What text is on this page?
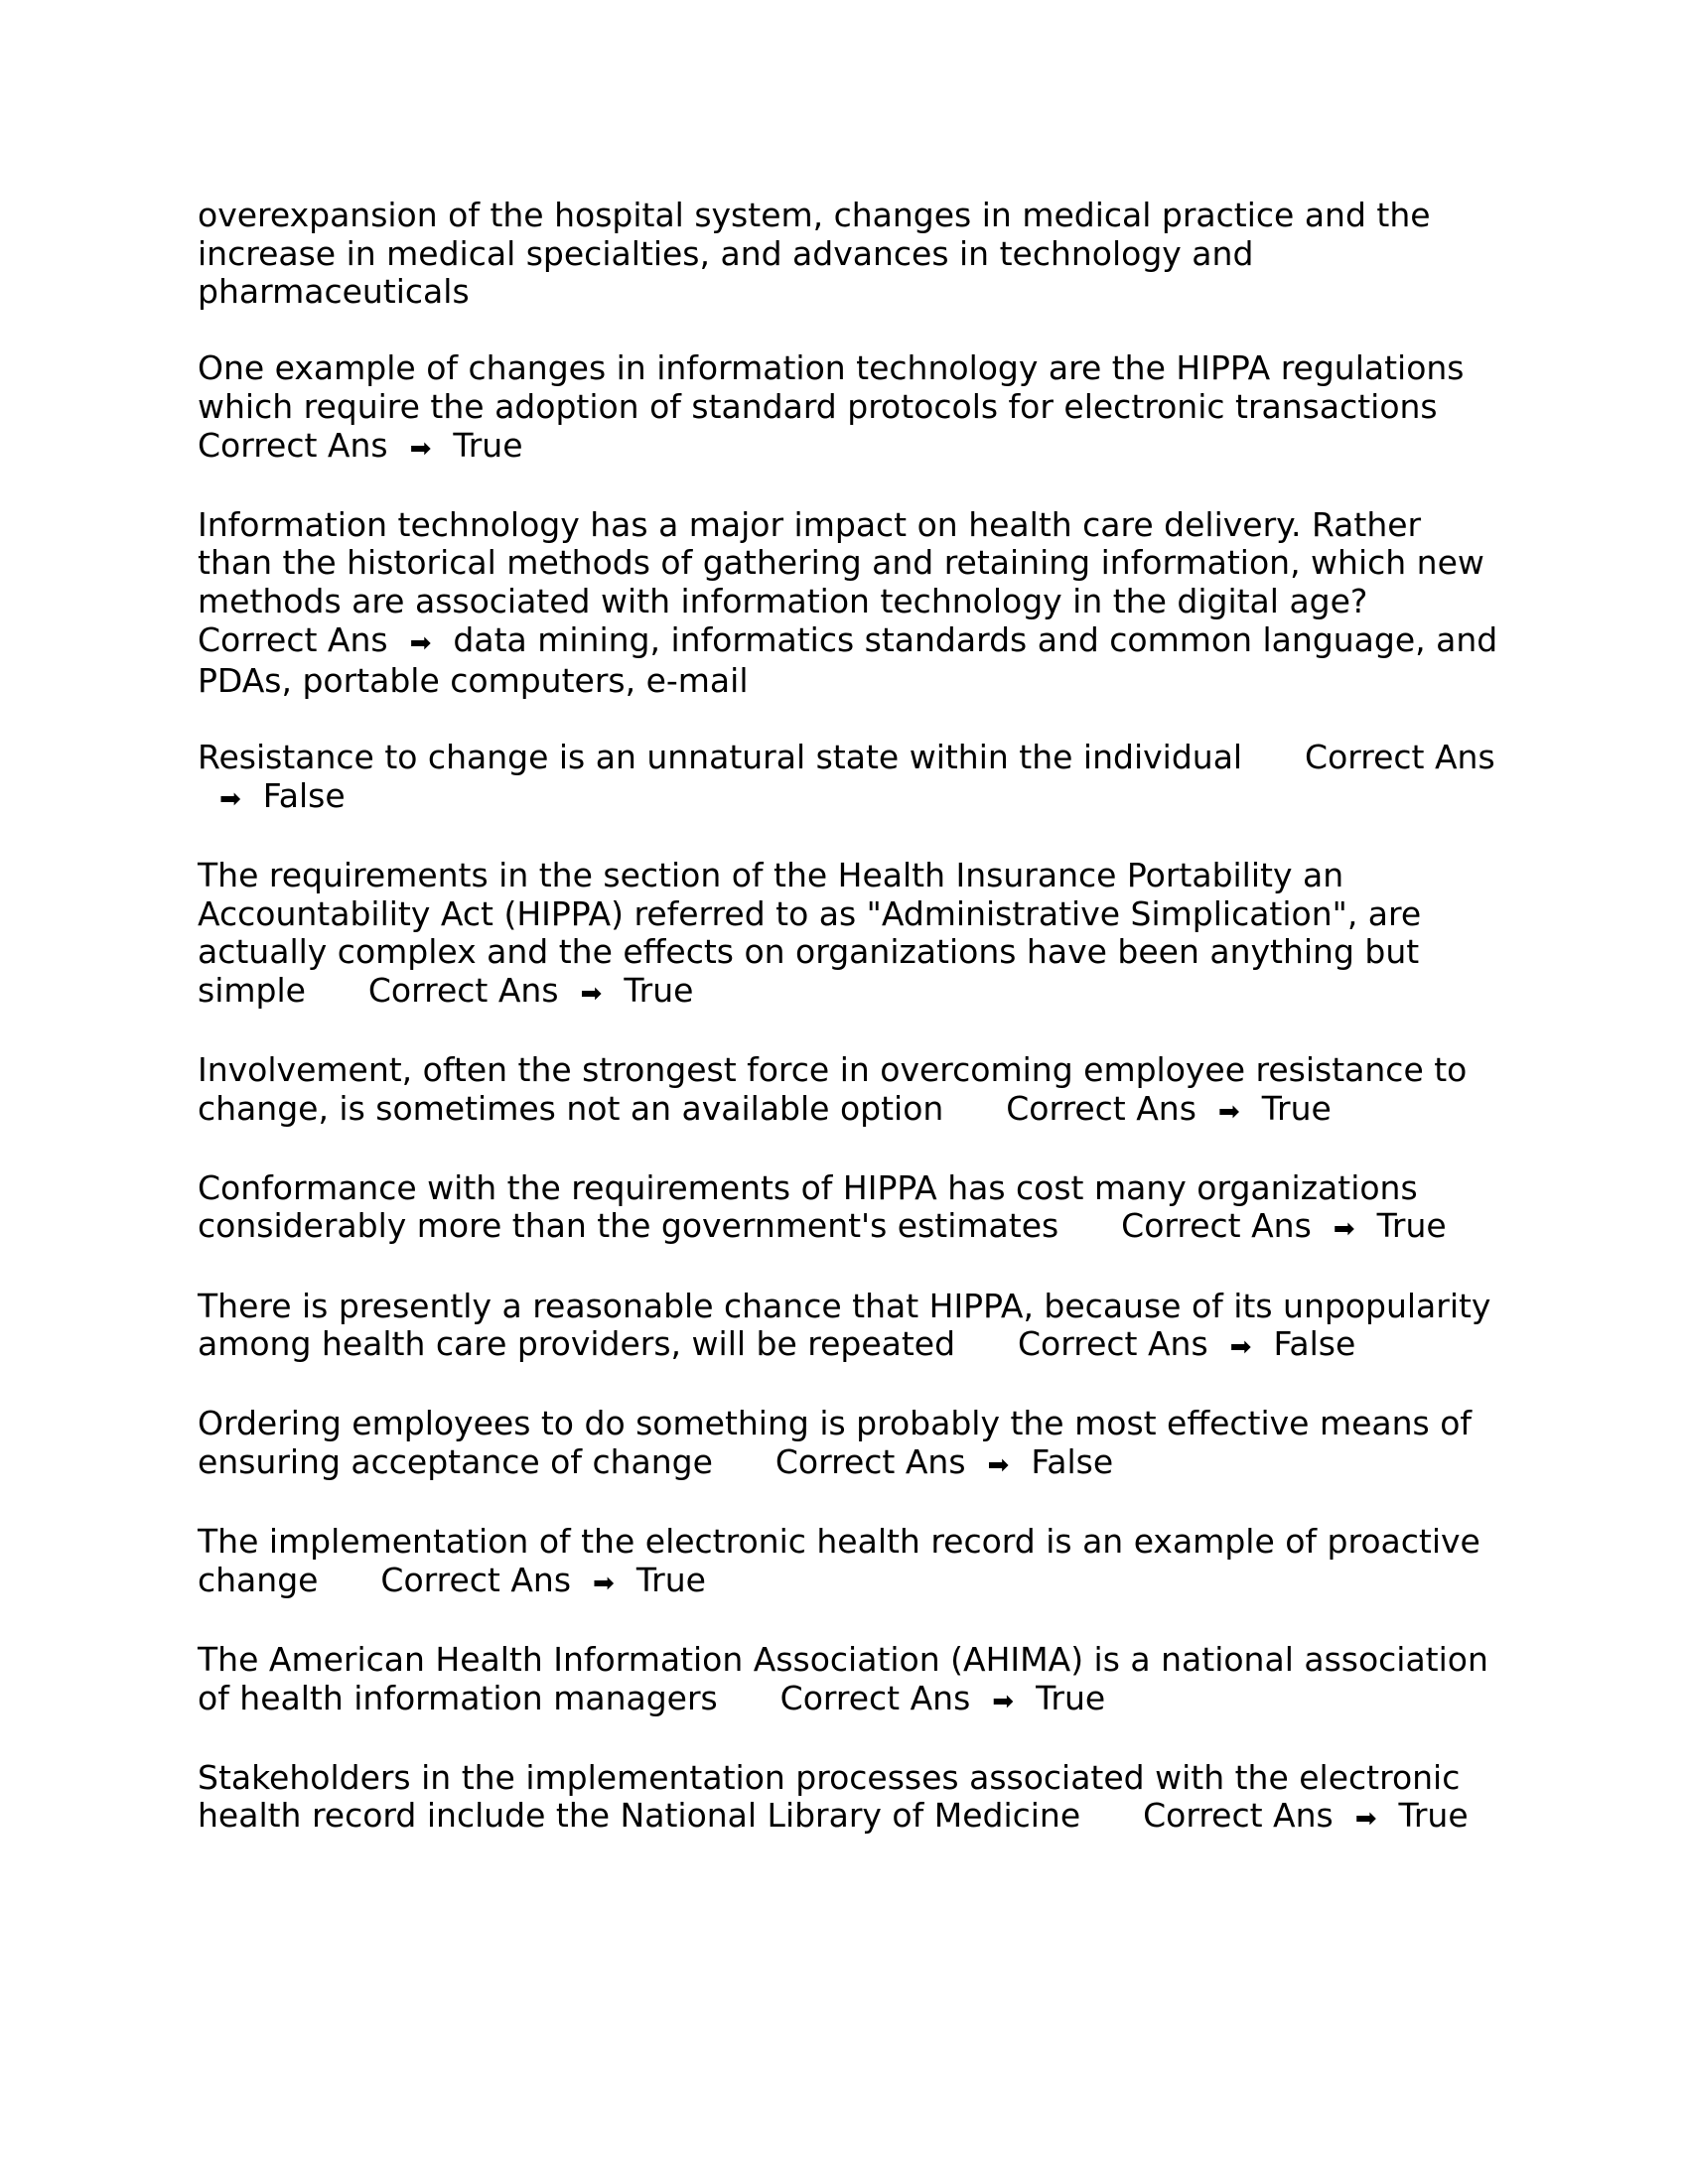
overexpansion of the hospital system, changes in medical practice and the increase in medical specialties, and advances in technology and pharmaceuticals

One example of changes in information technology are the HIPPA regulations which require the adoption of standard protocols for electronic transactions
Correct Ans ➡ True

Information technology has a major impact on health care delivery. Rather than the historical methods of gathering and retaining information, which new methods are associated with information technology in the digital age?
Correct Ans ➡ data mining, informatics standards and common language, and PDAs, portable computers, e-mail

Resistance to change is an unnatural state within the individual Correct Ans➡ False

The requirements in the section of the Health Insurance Portability an Accountability Act (HIPPA) referred to as "Administrative Simplication", are actually complex and the effects on organizations have been anything but simple Correct Ans ➡ True

Involvement, often the strongest force in overcoming employee resistance to change, is sometimes not an available option Correct Ans ➡ True

Conformance with the requirements of HIPPA has cost many organizations considerably more than the government's estimates Correct Ans ➡ True

There is presently a reasonable chance that HIPPA, because of its unpopularity among health care providers, will be repeated Correct Ans ➡ False

Ordering employees to do something is probably the most effective means of ensuring acceptance of change Correct Ans ➡ False

The implementation of the electronic health record is an example of proactive change Correct Ans ➡ True

The American Health Information Association (AHIMA) is a national association of health information managers Correct Ans ➡ True

Stakeholders in the implementation processes associated with the electronic health record include the National Library of Medicine Correct Ans ➡ True
